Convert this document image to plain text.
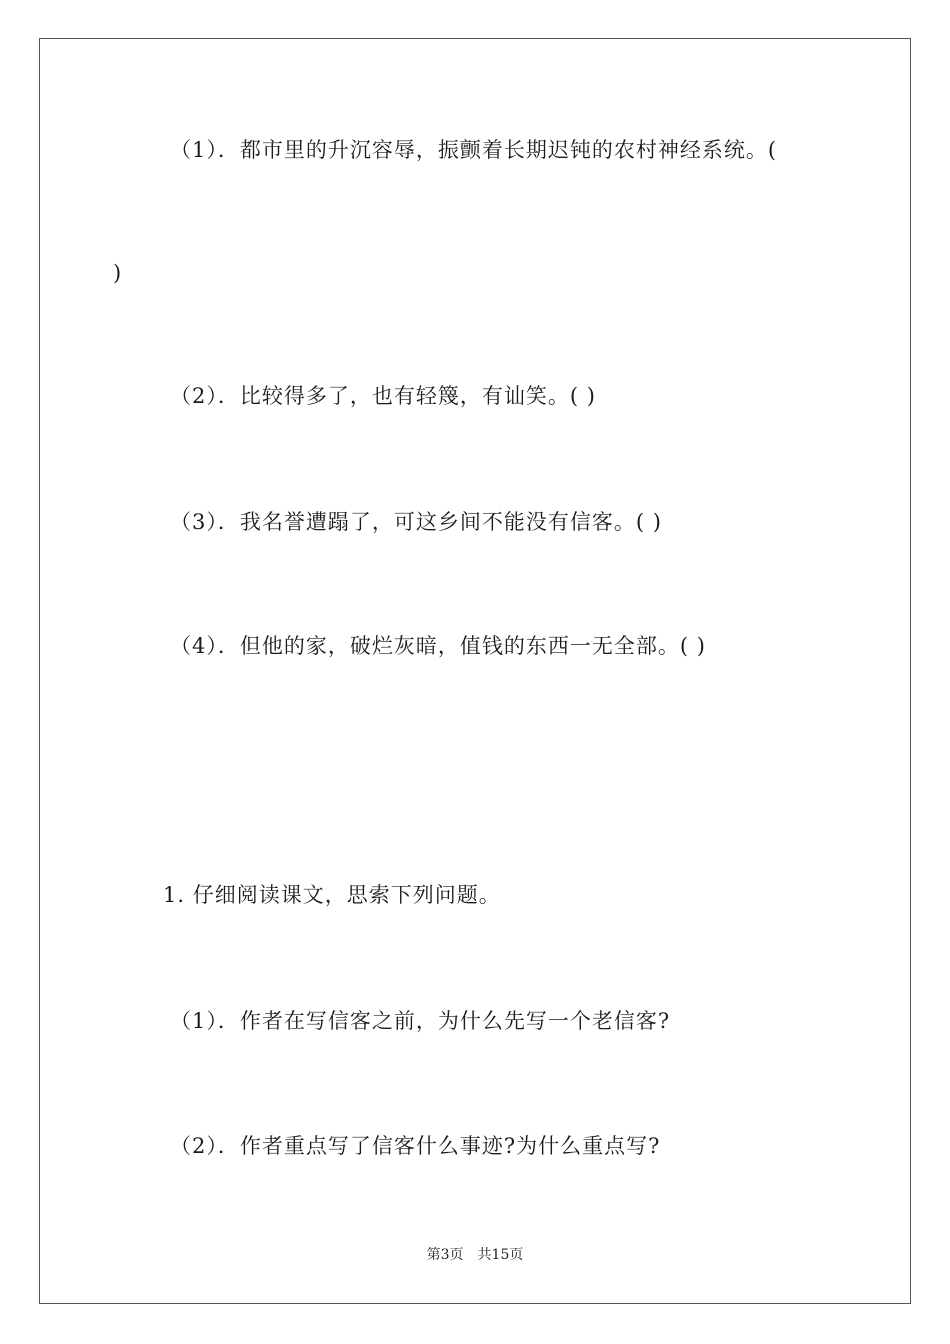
（1）．都市里的升沉容辱，振颤着长期迟钝的农村神经系统。(
)
（2）．比较得多了，也有轻篾，有讪笑。( )
（3）．我名誉遭蹋了，可这乡间不能没有信客。( )
（4）．但他的家，破烂灰暗，值钱的东西一无全部。( )
1. 仔细阅读课文，思索下列问题。
（1）．作者在写信客之前，为什么先写一个老信客?
（2）．作者重点写了信客什么事迹?为什么重点写?
第3页 共15页
